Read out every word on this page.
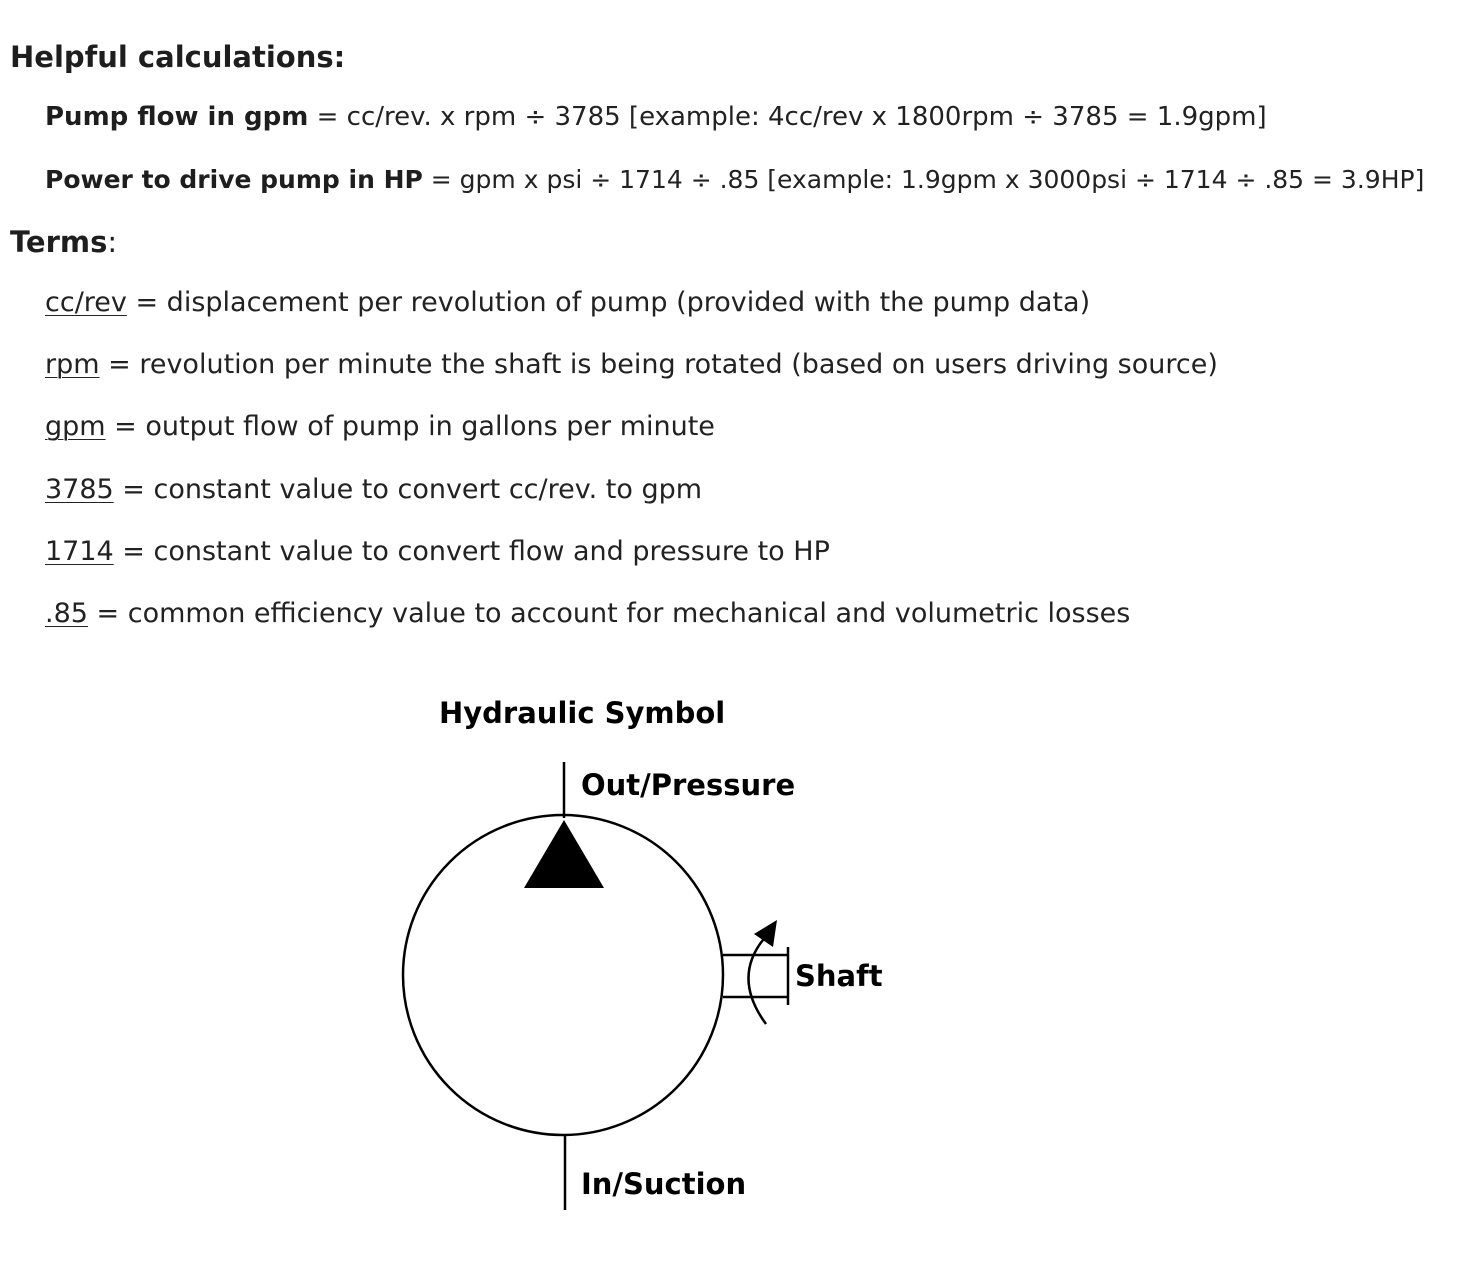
Helpful calculations:
Pump flow in gpm = cc/rev. x rpm ÷ 3785 [example: 4cc/rev x 1800rpm ÷ 3785 = 1.9gpm]
Power to drive pump in HP = gpm x psi ÷ 1714 ÷ .85 [example: 1.9gpm x 3000psi ÷ 1714 ÷ .85 = 3.9HP]
Terms:
cc/rev = displacement per revolution of pump (provided with the pump data)
rpm = revolution per minute the shaft is being rotated (based on users driving source)
gpm = output flow of pump in gallons per minute
3785 = constant value to convert cc/rev. to gpm
1714 = constant value to convert flow and pressure to HP
.85 = common efficiency value to account for mechanical and volumetric losses
Hydraulic Symbol
Out/Pressure
Shaft
In/Suction
